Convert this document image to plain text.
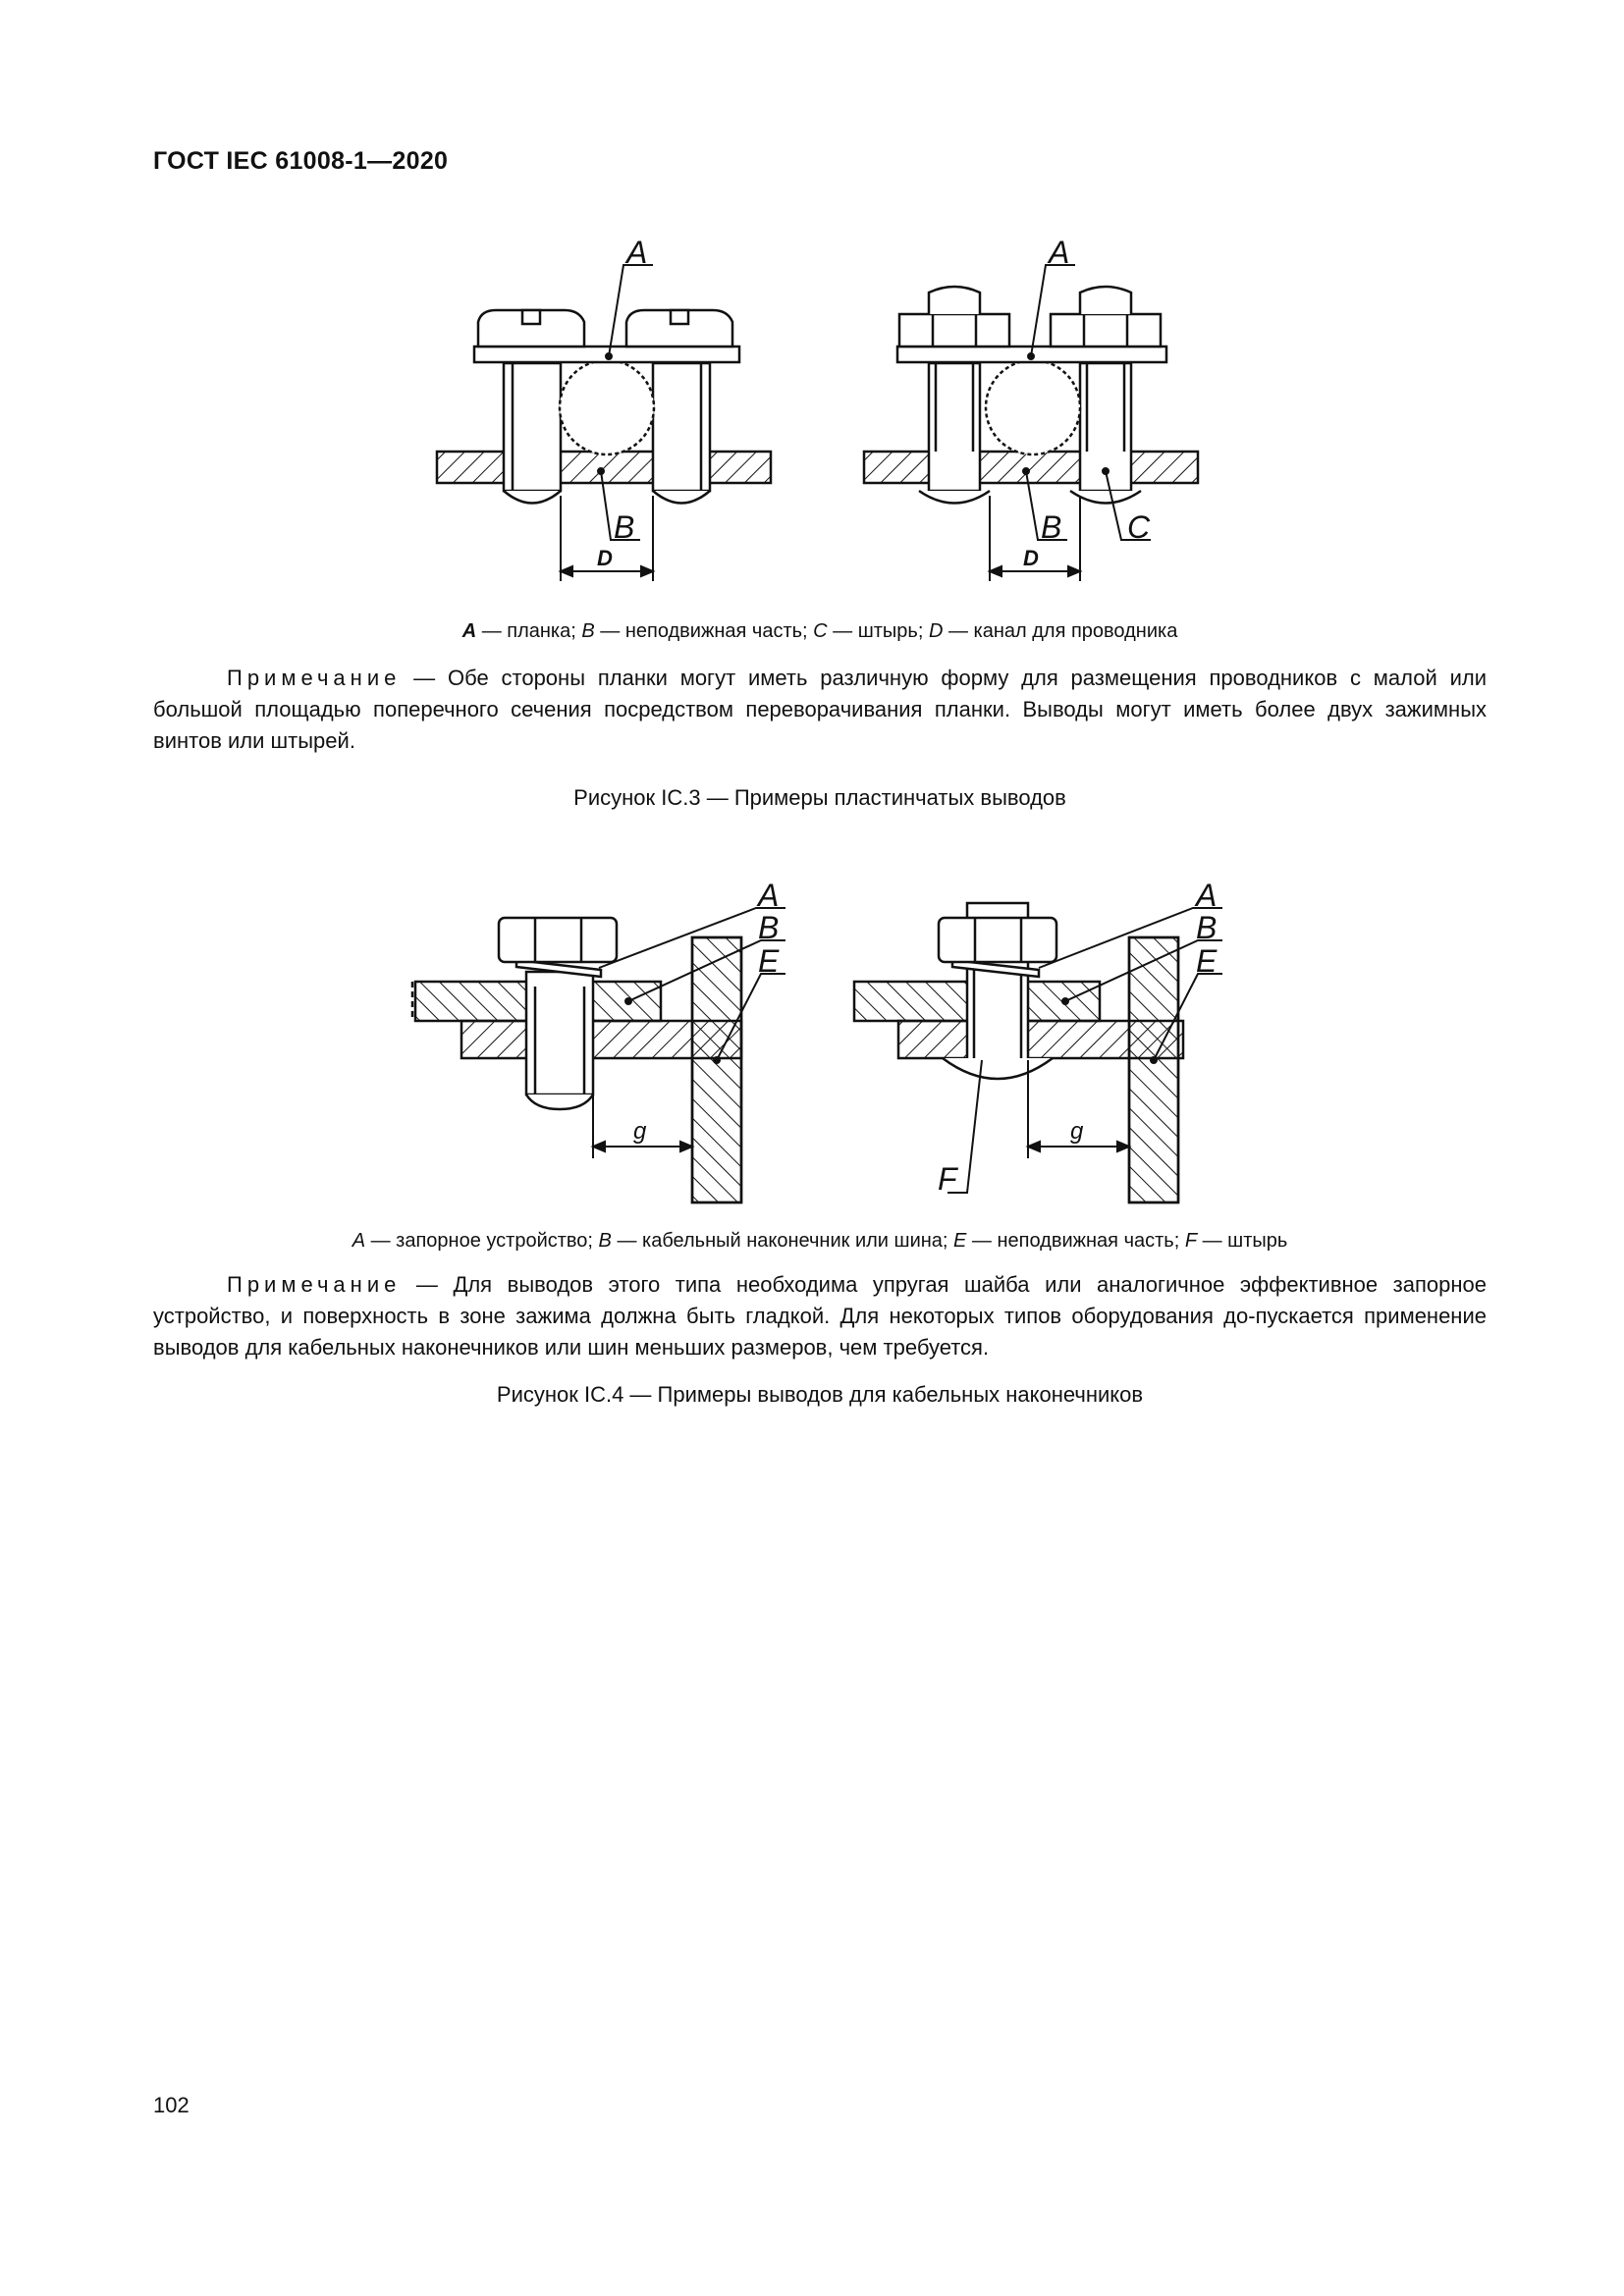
ГОСТ IEC 61008-1—2020
A
B
D
A
B C
D
A — планка; B — неподвижная часть; C — штырь; D — канал для проводника
Примечание — Обе стороны планки могут иметь различную форму для размещения проводников с малой или большой площадью поперечного сечения посредством переворачивания планки. Выводы могут иметь более двух зажимных винтов или штырей.
Рисунок IC.3 — Примеры пластинчатых выводов
A
B
E
g
A
B
E
F
g
A — запорное устройство; B — кабельный наконечник или шина; E — неподвижная часть; F — штырь
Примечание — Для выводов этого типа необходима упругая шайба или аналогичное эффективное запорное устройство, и поверхность в зоне зажима должна быть гладкой. Для некоторых типов оборудования до-пускается применение выводов для кабельных наконечников или шин меньших размеров, чем требуется.
Рисунок IC.4 — Примеры выводов для кабельных наконечников
102
